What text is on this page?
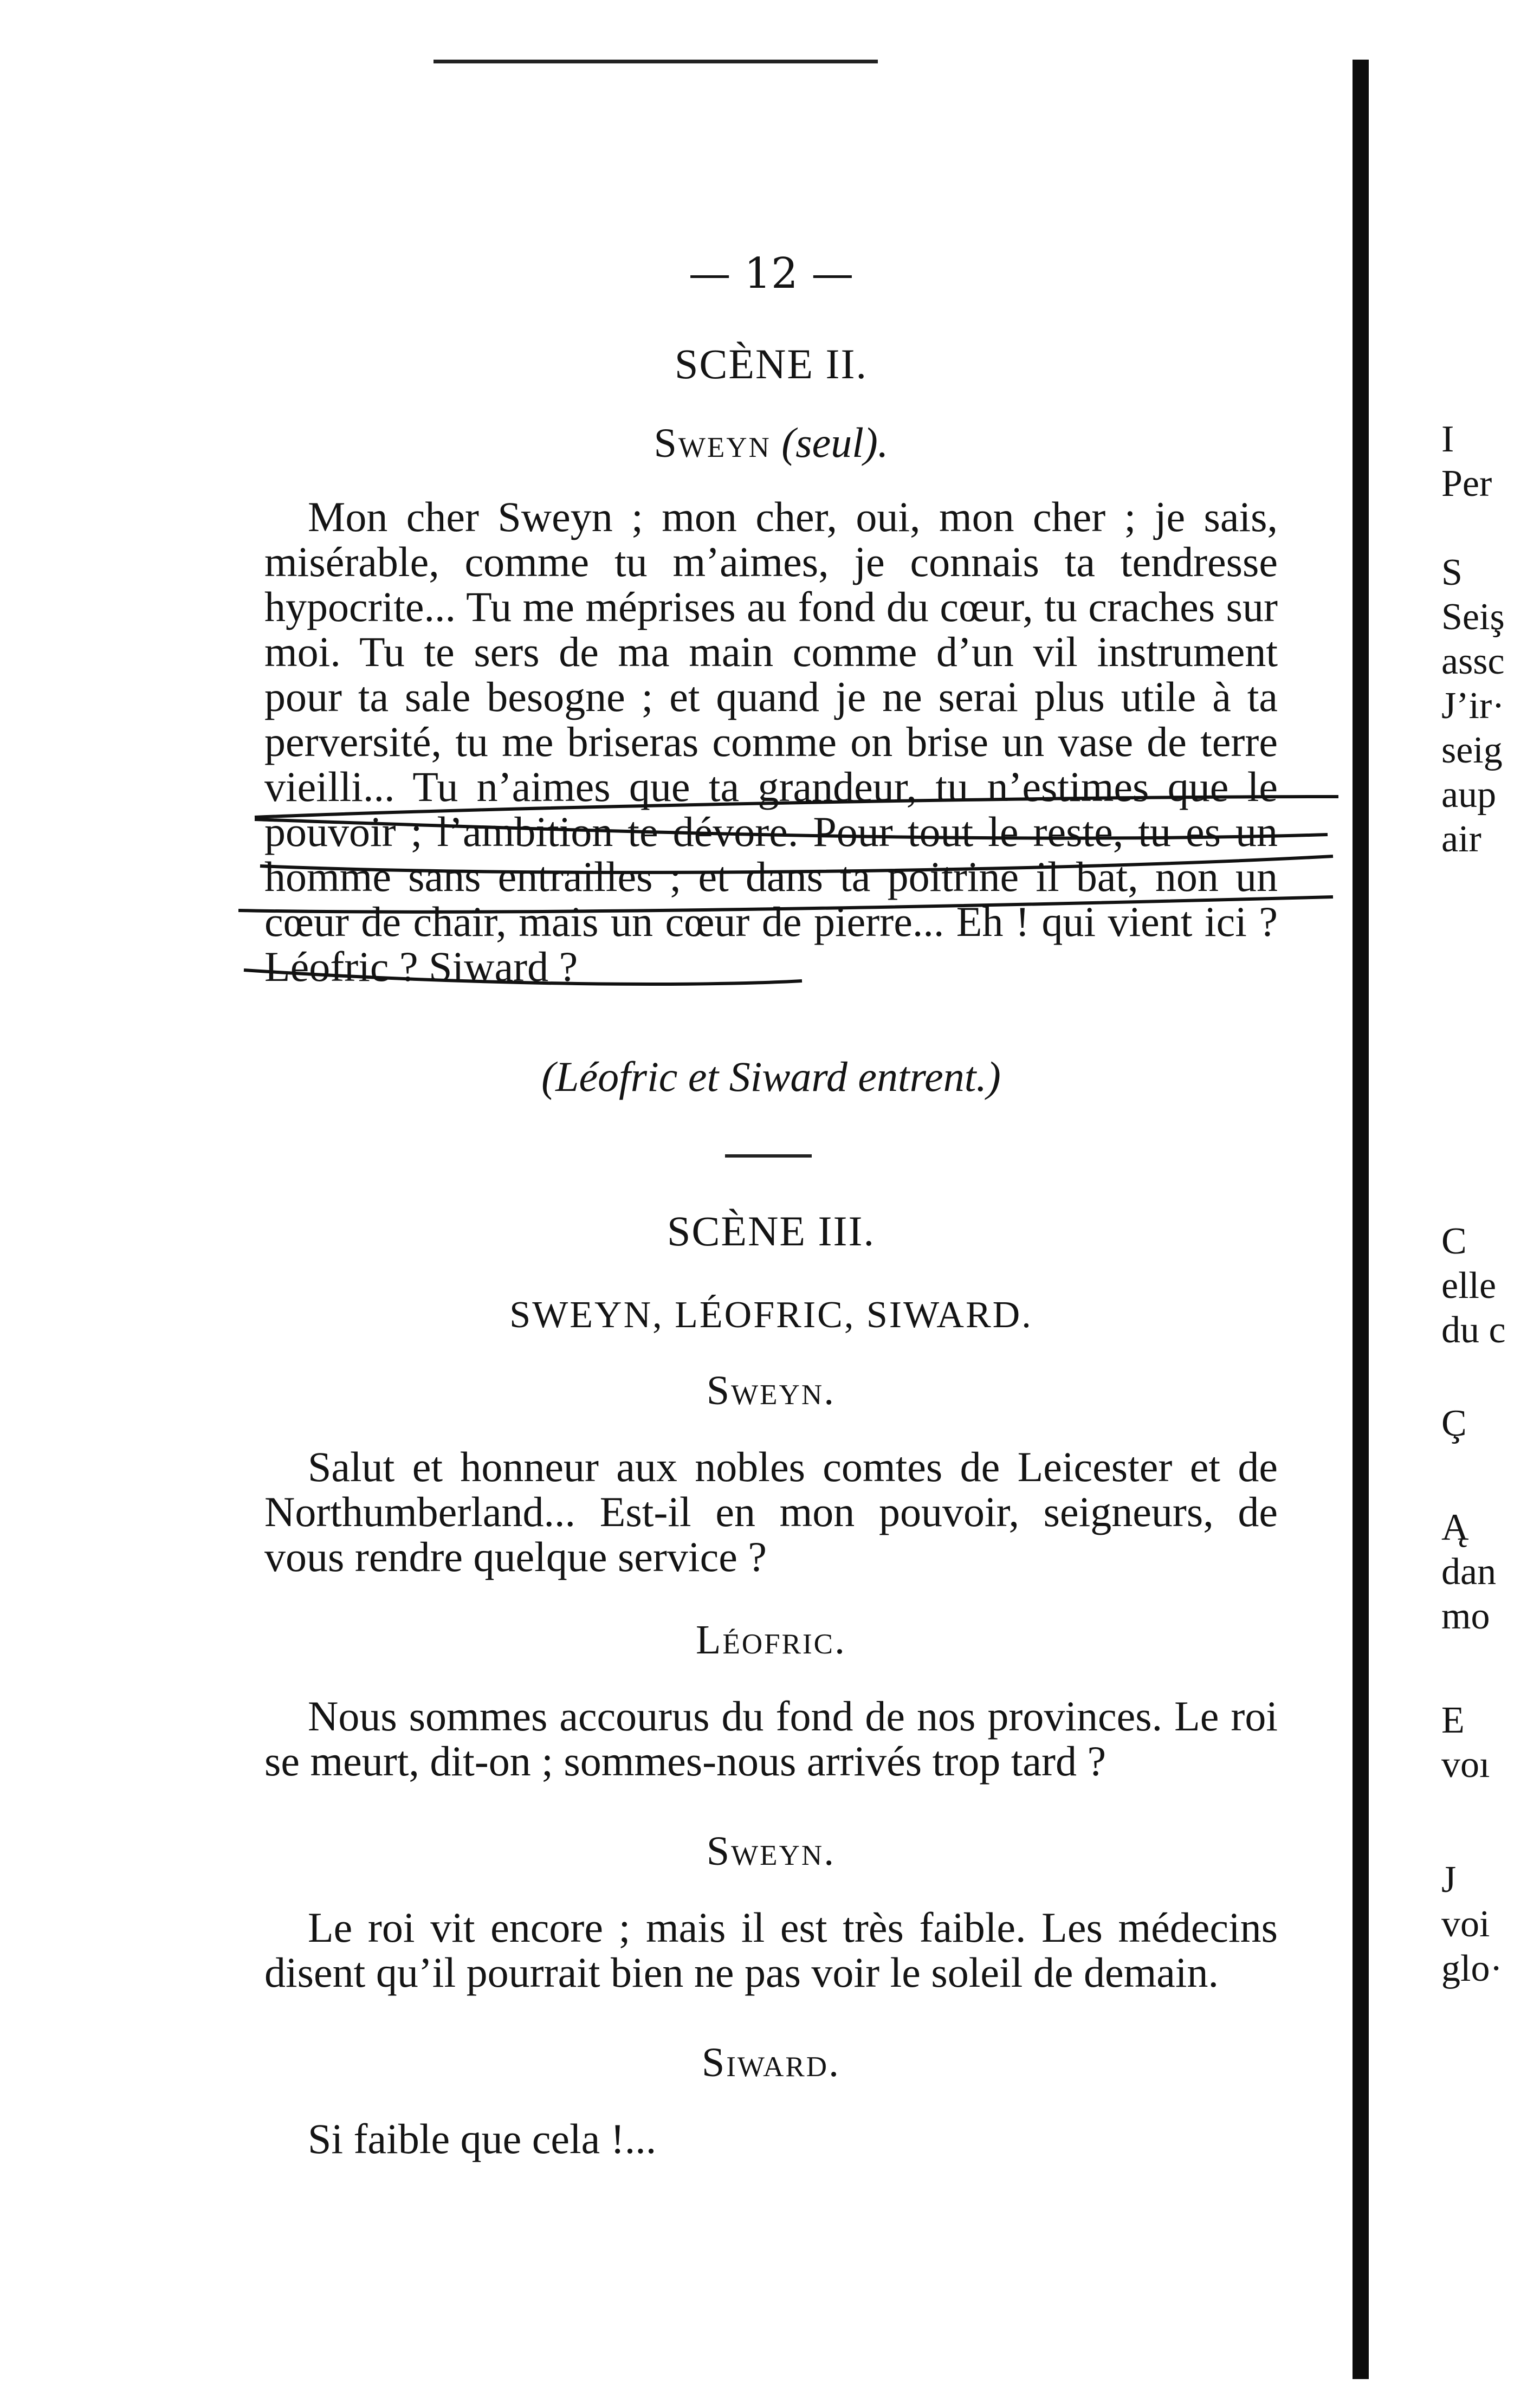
— 12 —
SCÈNE II.
Sweyn (seul).

Mon cher Sweyn ; mon cher, oui, mon cher ; je sais, misérable, comme tu m’aimes, je connais ta tendresse hypocrite... Tu me méprises au fond du cœur, tu craches sur moi. Tu te sers de ma main comme d’un vil instrument pour ta sale besogne ; et quand je ne serai plus utile à ta perversité, tu me briseras comme on brise un vase de terre vieilli... Tu n’aimes que ta grandeur, tu n’estimes que le pouvoir ; l’ambition te dévore. Pour tout le reste, tu es un homme sans entrailles ; et dans ta poitrine il bat, non un cœur de chair, mais un cœur de pierre... Eh ! qui vient ici ? Léofric ? Siward ?

(Léofric et Siward entrent.)
SCÈNE III.
SWEYN, LÉOFRIC, SIWARD.
Sweyn.

Salut et honneur aux nobles comtes de Leicester et de Northumberland... Est-il en mon pouvoir, seigneurs, de vous rendre quelque service ?

Léofric.

Nous sommes accourus du fond de nos provinces. Le roi se meurt, dit-on ; sommes-nous arrivés trop tard ?

Sweyn.

Le roi vit encore ; mais il est très faible. Les médecins disent qu’il pourrait bien ne pas voir le soleil de demain.

Siward.

Si faible que cela !...

I
Per
S
Seiş
assc
J’ir·
seig
aup
air
C
elle
du c
Ç
Ą
dan
mo
E
voı
J
voi
glo·
